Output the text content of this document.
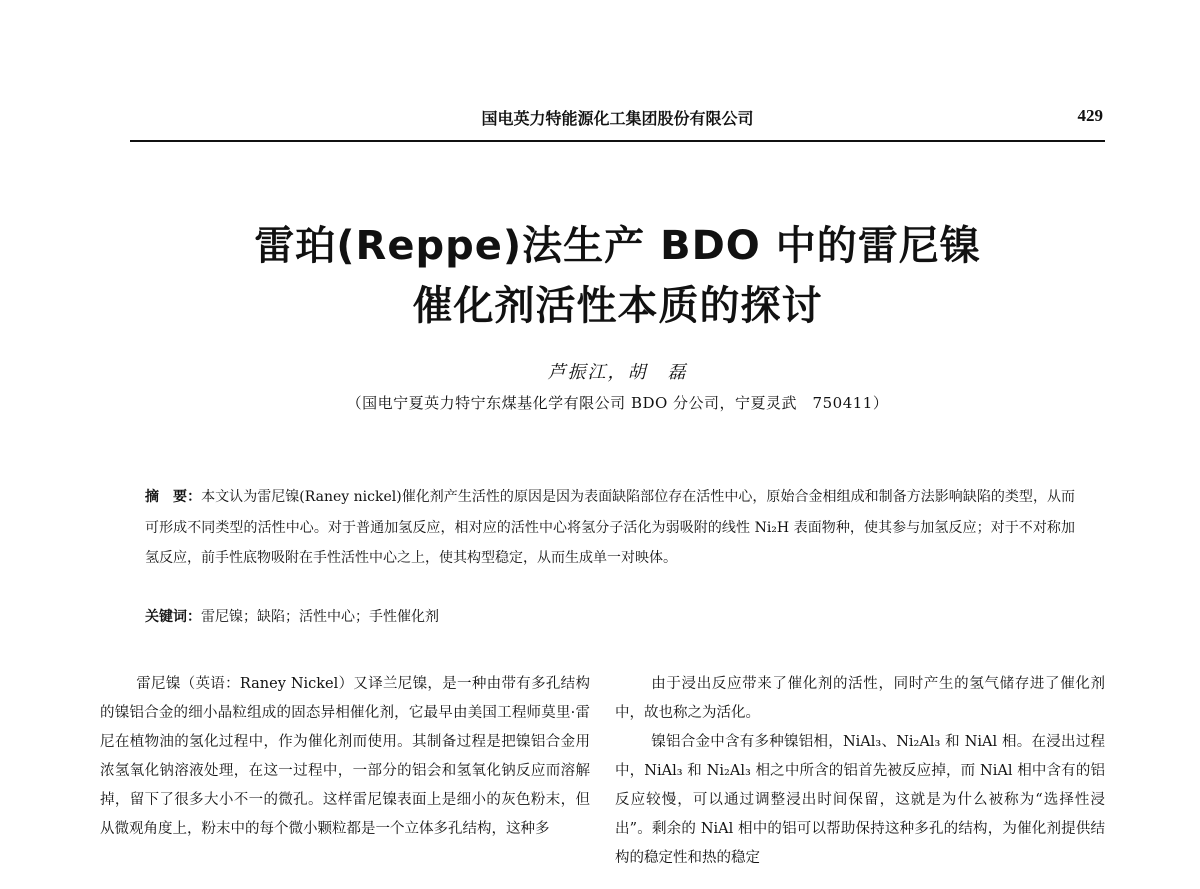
国电英力特能源化工集团股份有限公司	429
雷珀(Reppe)法生产 BDO 中的雷尼镍
催化剂活性本质的探讨
芦振江，胡　磊
（国电宁夏英力特宁东煤基化学有限公司 BDO 分公司，宁夏灵武　750411）
摘　要：本文认为雷尼镍(Raney nickel)催化剂产生活性的原因是因为表面缺陷部位存在活性中心，原始合金相组成和制备方法影响缺陷的类型，从而可形成不同类型的活性中心。对于普通加氢反应，相对应的活性中心将氢分子活化为弱吸附的线性 Ni₂H 表面物种，使其参与加氢反应；对于不对称加氢反应，前手性底物吸附在手性活性中心之上，使其构型稳定，从而生成单一对映体。
关键词：雷尼镍；缺陷；活性中心；手性催化剂

雷尼镍（英语：Raney Nickel）又译兰尼镍，是一种由带有多孔结构的镍铝合金的细小晶粒组成的固态异相催化剂，它最早由美国工程师莫里·雷尼在植物油的氢化过程中，作为催化剂而使用。其制备过程是把镍铝合金用浓氢氧化钠溶液处理，在这一过程中，一部分的铝会和氢氧化钠反应而溶解掉，留下了很多大小不一的微孔。这样雷尼镍表面上是细小的灰色粉末，但从微观角度上，粉末中的每个微小颗粒都是一个立体多孔结构，这种多

由于浸出反应带来了催化剂的活性，同时产生的氢气储存进了催化剂中，故也称之为活化。

镍铝合金中含有多种镍铝相，NiAl₃、Ni₂Al₃ 和 NiAl 相。在浸出过程中，NiAl₃ 和 Ni₂Al₃ 相之中所含的铝首先被反应掉，而 NiAl 相中含有的铝反应较慢，可以通过调整浸出时间保留，这就是为什么被称为“选择性浸出”。剩余的 NiAl 相中的铝可以帮助保持这种多孔的结构，为催化剂提供结构的稳定性和热的稳定
